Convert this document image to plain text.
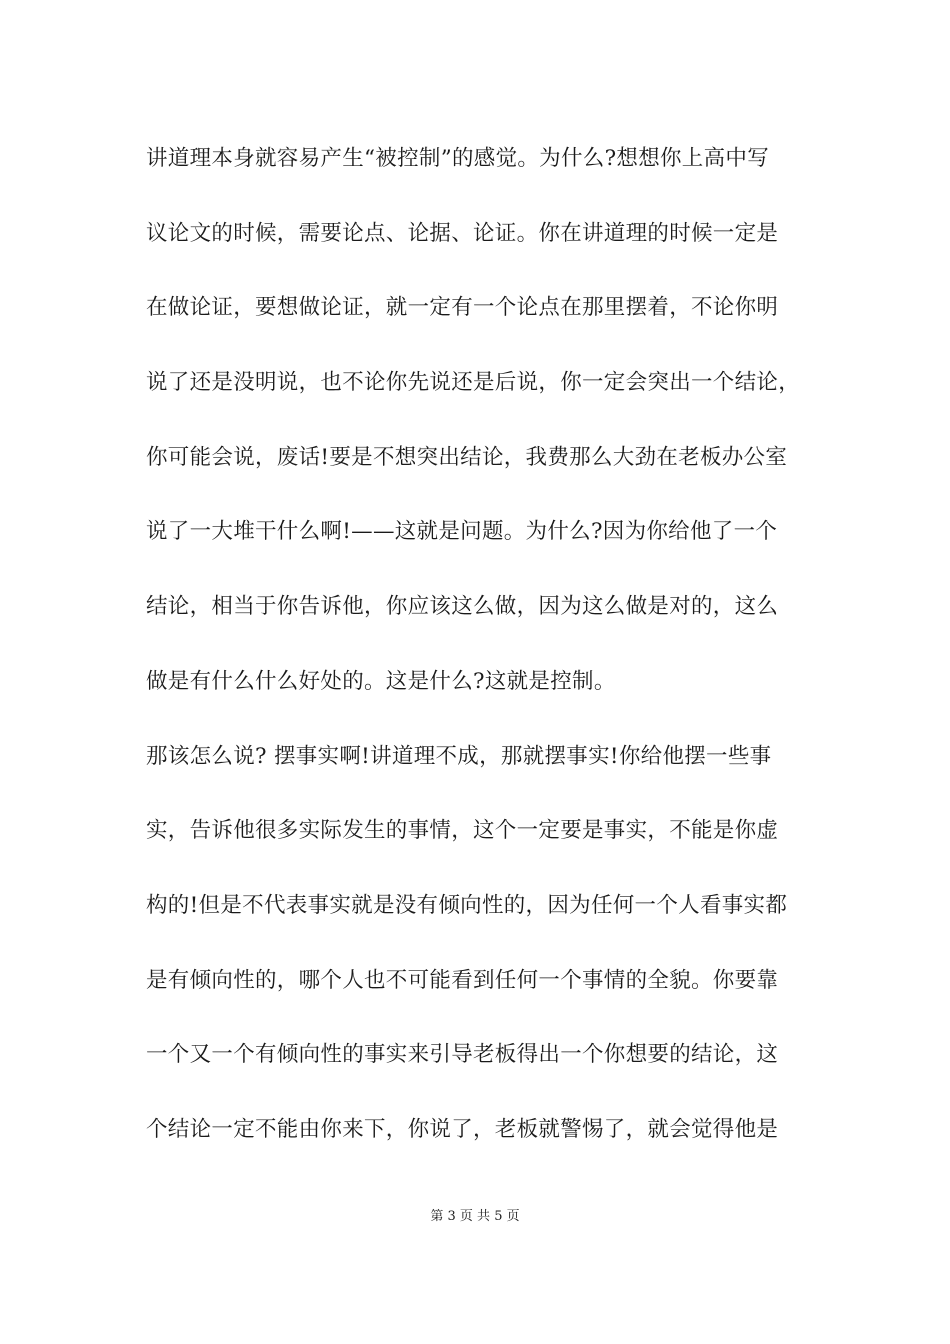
讲道理本身就容易产生“被控制”的感觉。为什么?想想你上高中写
议论文的时候，需要论点、论据、论证。你在讲道理的时候一定是
在做论证，要想做论证，就一定有一个论点在那里摆着，不论你明
说了还是没明说，也不论你先说还是后说，你一定会突出一个结论，
你可能会说，废话!要是不想突出结论，我费那么大劲在老板办公室
说了一大堆干什么啊!——这就是问题。为什么?因为你给他了一个
结论，相当于你告诉他，你应该这么做，因为这么做是对的，这么
做是有什么什么好处的。这是什么?这就是控制。
那该怎么说? 摆事实啊!讲道理不成，那就摆事实!你给他摆一些事
实，告诉他很多实际发生的事情，这个一定要是事实，不能是你虚
构的!但是不代表事实就是没有倾向性的，因为任何一个人看事实都
是有倾向性的，哪个人也不可能看到任何一个事情的全貌。你要靠
一个又一个有倾向性的事实来引导老板得出一个你想要的结论，这
个结论一定不能由你来下，你说了，老板就警惕了，就会觉得他是
第 3 页 共 5 页
